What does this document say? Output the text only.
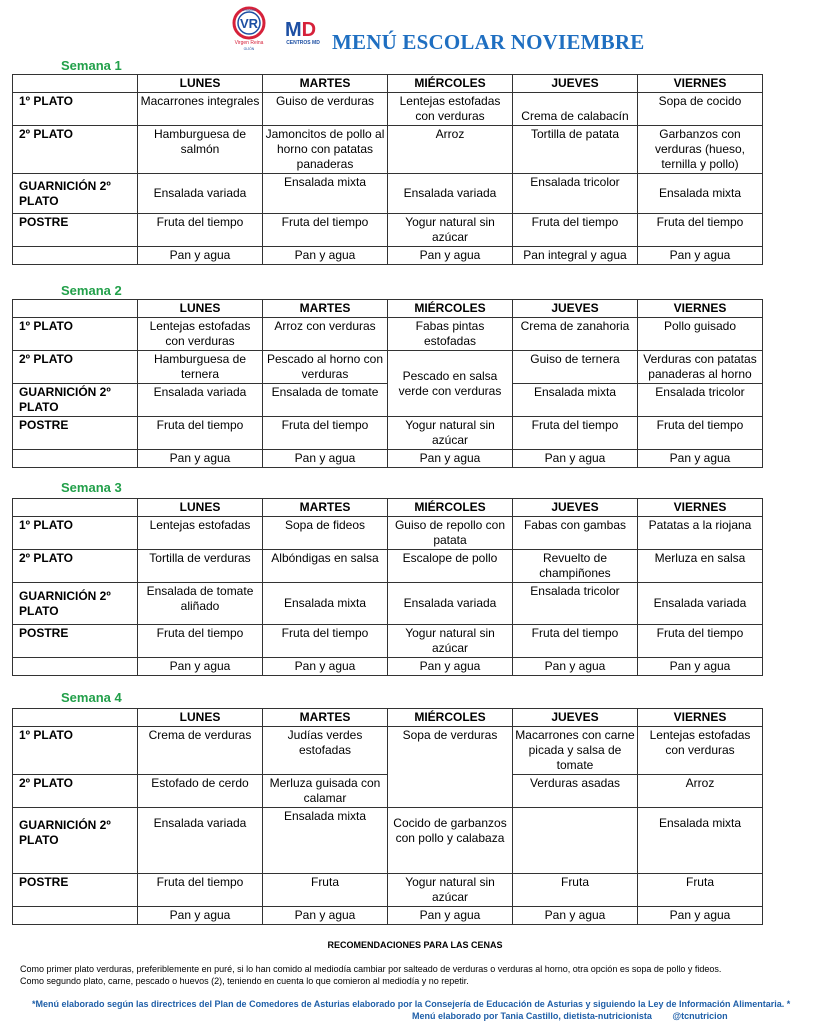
COLEGIO
VR
Virgen Reina
GIJÓN
MD
CENTROS MD MENÚ ESCOLAR NOVIEMBRE
Semana 1
	LUNES	MARTES	MIÉRCOLES	JUEVES	VIERNES
1º PLATO	Macarrones integrales	Guiso de verduras	Lentejas estofadas con verduras	Crema de calabacín	Sopa de cocido
2º PLATO	Hamburguesa de salmón	Jamoncitos de pollo al horno con patatas panaderas	Arroz	Tortilla de patata	Garbanzos con verduras (hueso, ternilla y pollo)
GUARNICIÓN 2º PLATO	Ensalada variada	Ensalada mixta	Ensalada variada	Ensalada tricolor	Ensalada mixta
POSTRE	Fruta del tiempo	Fruta del tiempo	Yogur natural sin azúcar	Fruta del tiempo	Fruta del tiempo
	Pan y agua	Pan y agua	Pan y agua	Pan integral y agua	Pan y agua
Semana 2
	LUNES	MARTES	MIÉRCOLES	JUEVES	VIERNES
1º PLATO	Lentejas estofadas con verduras	Arroz con verduras	Fabas pintas estofadas	Crema de zanahoria	Pollo guisado
2º PLATO	Hamburguesa de ternera	Pescado al horno con verduras	Pescado en salsa verde con verduras	Guiso de ternera	Verduras con patatas panaderas al horno
GUARNICIÓN 2º PLATO	Ensalada variada	Ensalada de tomate		Ensalada mixta	Ensalada tricolor
POSTRE	Fruta del tiempo	Fruta del tiempo	Yogur natural sin azúcar	Fruta del tiempo	Fruta del tiempo
	Pan y agua	Pan y agua	Pan y agua	Pan y agua	Pan y agua
Semana 3
	LUNES	MARTES	MIÉRCOLES	JUEVES	VIERNES
1º PLATO	Lentejas estofadas	Sopa de fideos	Guiso de repollo con patata	Fabas con gambas	Patatas a la riojana
2º PLATO	Tortilla de verduras	Albóndigas en salsa	Escalope de pollo	Revuelto de champiñones	Merluza en salsa
GUARNICIÓN 2º PLATO	Ensalada de tomate aliñado	Ensalada mixta	Ensalada variada	Ensalada tricolor	Ensalada variada
POSTRE	Fruta del tiempo	Fruta del tiempo	Yogur natural sin azúcar	Fruta del tiempo	Fruta del tiempo
	Pan y agua	Pan y agua	Pan y agua	Pan y agua	Pan y agua
Semana 4
	LUNES	MARTES	MIÉRCOLES	JUEVES	VIERNES
1º PLATO	Crema de verduras	Judías verdes estofadas	Sopa de verduras	Macarrones con carne picada y salsa de tomate	Lentejas estofadas con verduras
2º PLATO	Estofado de cerdo	Merluza guisada con calamar		Verduras asadas	Arroz
GUARNICIÓN 2º PLATO	Ensalada variada	Ensalada mixta	Cocido de garbanzos con pollo y calabaza		Ensalada mixta
POSTRE	Fruta del tiempo	Fruta	Yogur natural sin azúcar	Fruta	Fruta
	Pan y agua	Pan y agua	Pan y agua	Pan y agua	Pan y agua
RECOMENDACIONES PARA LAS CENAS
Como primer plato verduras, preferiblemente en puré, si lo han comido al mediodía cambiar por salteado de verduras o verduras al horno, otra opción es sopa de pollo y fideos.
Como segundo plato, carne, pescado o huevos (2), teniendo en cuenta lo que comieron al mediodía y no repetir.
*Menú elaborado según las directrices del Plan de Comedores de Asturias elaborado por la Consejería de Educación de Asturias y siguiendo la Ley de Información Alimentaria. *
Menú elaborado por Tania Castillo, dietista-nutricionista @tcnutricion
